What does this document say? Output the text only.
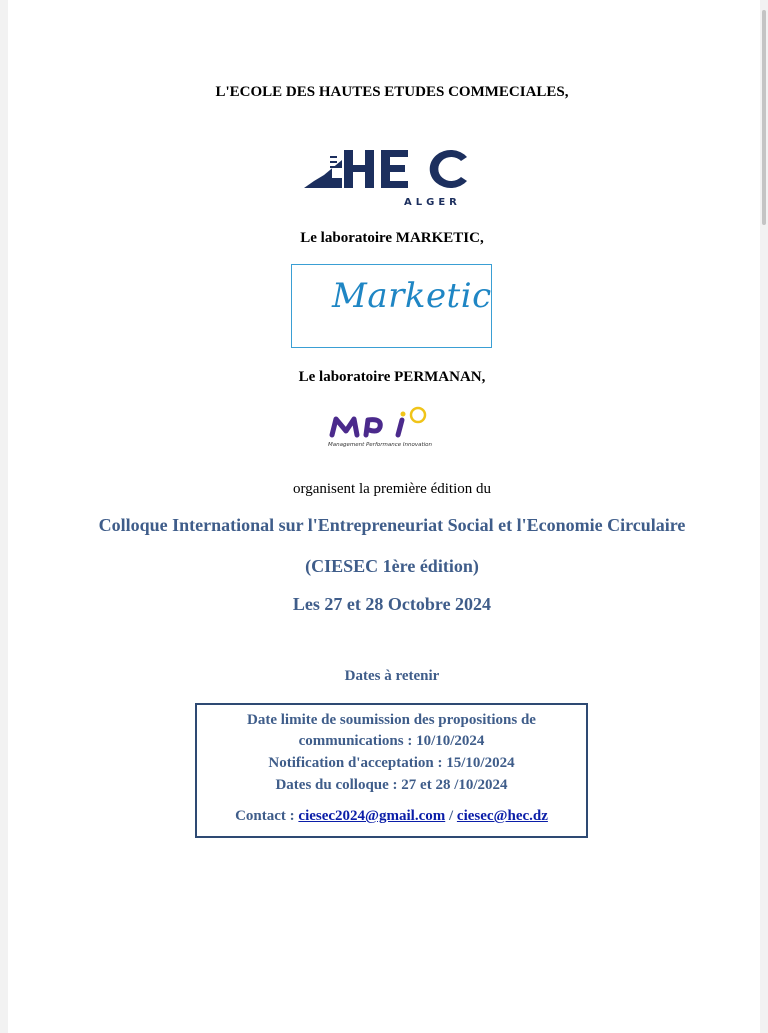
L'ECOLE DES HAUTES ETUDES COMMECIALES,
ALGER
Le laboratoire MARKETIC,
Marketic
Le laboratoire PERMANAN,
Management Performance Innovation
organisent la première édition du
Colloque International sur l'Entrepreneuriat Social et l'Economie Circulaire
(CIESEC 1ère édition)
Les 27 et 28 Octobre 2024
Dates à retenir
Date limite de soumission des propositions de
communications : 10/10/2024
Notification d'acceptation : 15/10/2024
Dates du colloque : 27 et 28 /10/2024
Contact : ciesec2024@gmail.com / ciesec@hec.dz
